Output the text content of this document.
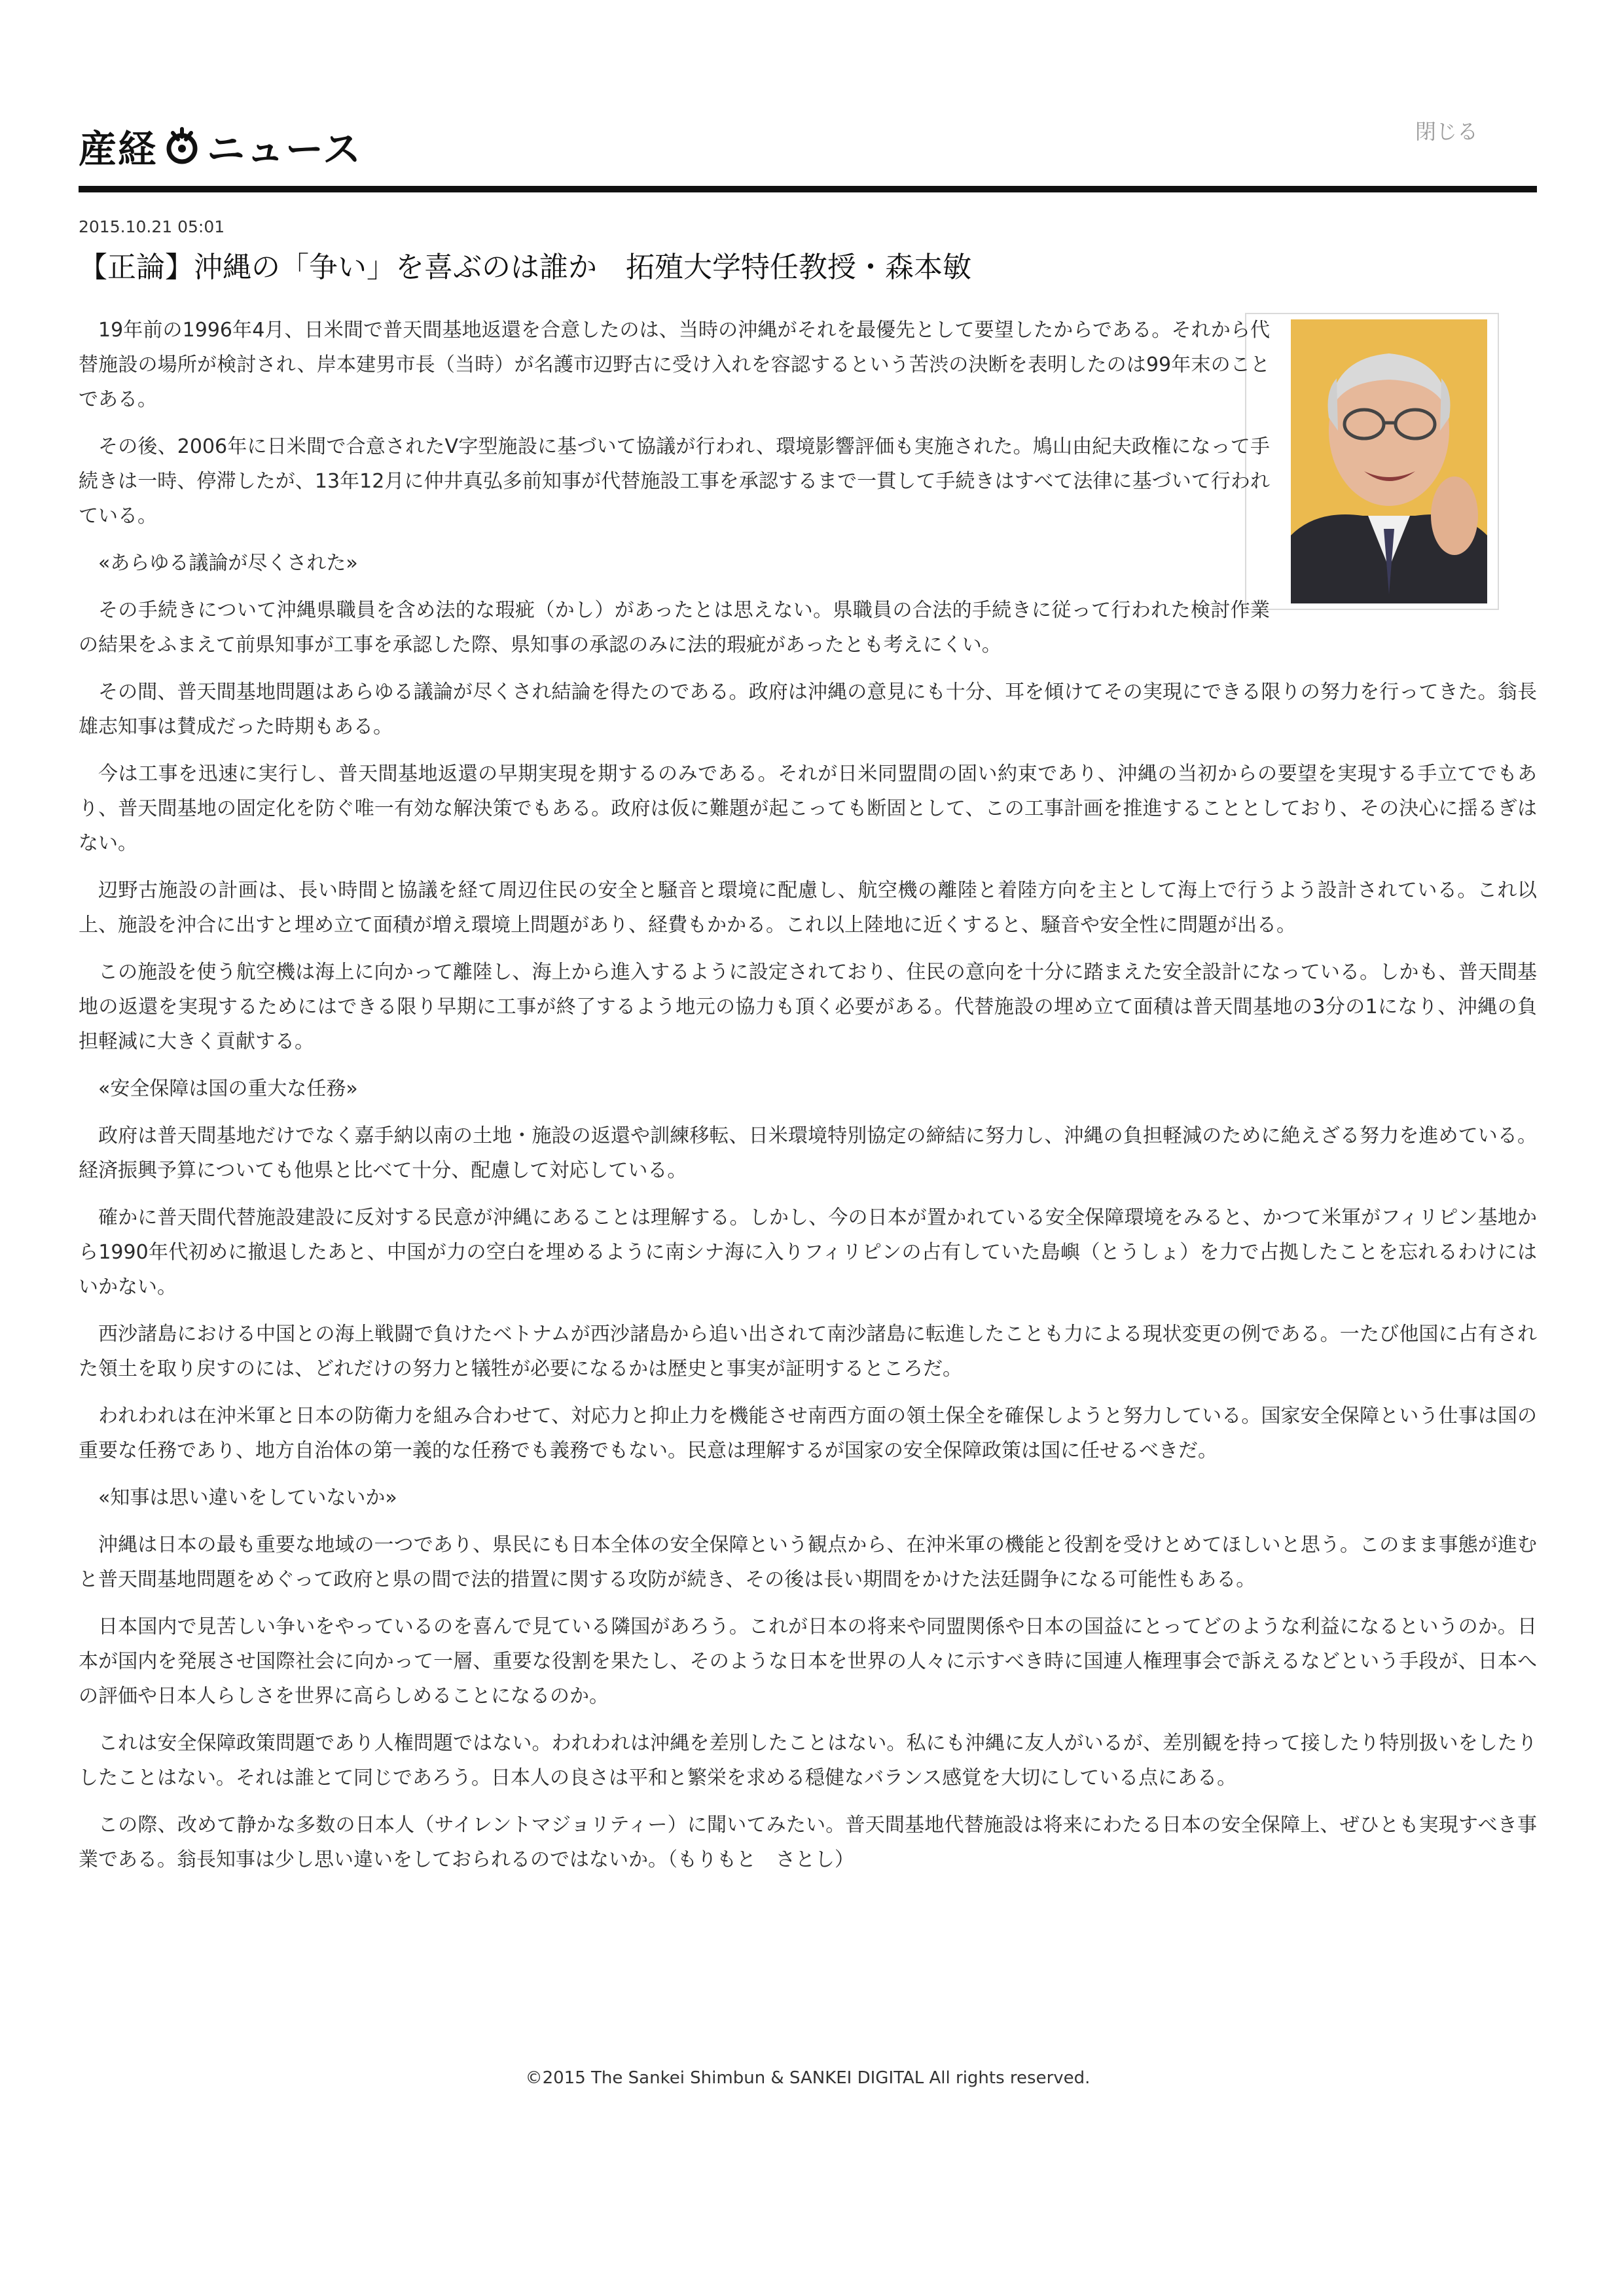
産経 ニュース	閉じる
2015.10.21 05:01
【正論】沖縄の「争い」を喜ぶのは誰か　拓殖大学特任教授・森本敏

19年前の1996年4月、日米間で普天間基地返還を合意したのは、当時の沖縄がそれを最優先として要望したからである。それから代替施設の場所が検討され、岸本建男市長（当時）が名護市辺野古に受け入れを容認するという苦渋の決断を表明したのは99年末のことである。

その後、2006年に日米間で合意されたV字型施設に基づいて協議が行われ、環境影響評価も実施された。鳩山由紀夫政権になって手続きは一時、停滞したが、13年12月に仲井真弘多前知事が代替施設工事を承認するまで一貫して手続きはすべて法律に基づいて行われている。

«あらゆる議論が尽くされた»

その手続きについて沖縄県職員を含め法的な瑕疵（かし）があったとは思えない。県職員の合法的手続きに従って行われた検討作業の結果をふまえて前県知事が工事を承認した際、県知事の承認のみに法的瑕疵があったとも考えにくい。

その間、普天間基地問題はあらゆる議論が尽くされ結論を得たのである。政府は沖縄の意見にも十分、耳を傾けてその実現にできる限りの努力を行ってきた。翁長雄志知事は賛成だった時期もある。

今は工事を迅速に実行し、普天間基地返還の早期実現を期するのみである。それが日米同盟間の固い約束であり、沖縄の当初からの要望を実現する手立てでもあり、普天間基地の固定化を防ぐ唯一有効な解決策でもある。政府は仮に難題が起こっても断固として、この工事計画を推進することとしており、その決心に揺るぎはない。

辺野古施設の計画は、長い時間と協議を経て周辺住民の安全と騒音と環境に配慮し、航空機の離陸と着陸方向を主として海上で行うよう設計されている。これ以上、施設を沖合に出すと埋め立て面積が増え環境上問題があり、経費もかかる。これ以上陸地に近くすると、騒音や安全性に問題が出る。

この施設を使う航空機は海上に向かって離陸し、海上から進入するように設定されており、住民の意向を十分に踏まえた安全設計になっている。しかも、普天間基地の返還を実現するためにはできる限り早期に工事が終了するよう地元の協力も頂く必要がある。代替施設の埋め立て面積は普天間基地の3分の1になり、沖縄の負担軽減に大きく貢献する。

«安全保障は国の重大な任務»

政府は普天間基地だけでなく嘉手納以南の土地・施設の返還や訓練移転、日米環境特別協定の締結に努力し、沖縄の負担軽減のために絶えざる努力を進めている。経済振興予算についても他県と比べて十分、配慮して対応している。

確かに普天間代替施設建設に反対する民意が沖縄にあることは理解する。しかし、今の日本が置かれている安全保障環境をみると、かつて米軍がフィリピン基地から1990年代初めに撤退したあと、中国が力の空白を埋めるように南シナ海に入りフィリピンの占有していた島嶼（とうしょ）を力で占拠したことを忘れるわけにはいかない。

西沙諸島における中国との海上戦闘で負けたベトナムが西沙諸島から追い出されて南沙諸島に転進したことも力による現状変更の例である。一たび他国に占有された領土を取り戻すのには、どれだけの努力と犠牲が必要になるかは歴史と事実が証明するところだ。

われわれは在沖米軍と日本の防衛力を組み合わせて、対応力と抑止力を機能させ南西方面の領土保全を確保しようと努力している。国家安全保障という仕事は国の重要な任務であり、地方自治体の第一義的な任務でも義務でもない。民意は理解するが国家の安全保障政策は国に任せるべきだ。

«知事は思い違いをしていないか»

沖縄は日本の最も重要な地域の一つであり、県民にも日本全体の安全保障という観点から、在沖米軍の機能と役割を受けとめてほしいと思う。このまま事態が進むと普天間基地問題をめぐって政府と県の間で法的措置に関する攻防が続き、その後は長い期間をかけた法廷闘争になる可能性もある。

日本国内で見苦しい争いをやっているのを喜んで見ている隣国があろう。これが日本の将来や同盟関係や日本の国益にとってどのような利益になるというのか。日本が国内を発展させ国際社会に向かって一層、重要な役割を果たし、そのような日本を世界の人々に示すべき時に国連人権理事会で訴えるなどという手段が、日本への評価や日本人らしさを世界に高らしめることになるのか。

これは安全保障政策問題であり人権問題ではない。われわれは沖縄を差別したことはない。私にも沖縄に友人がいるが、差別観を持って接したり特別扱いをしたりしたことはない。それは誰とて同じであろう。日本人の良さは平和と繁栄を求める穏健なバランス感覚を大切にしている点にある。

この際、改めて静かな多数の日本人（サイレントマジョリティー）に聞いてみたい。普天間基地代替施設は将来にわたる日本の安全保障上、ぜひとも実現すべき事業である。翁長知事は少し思い違いをしておられるのではないか。（もりもと　さとし）

©2015 The Sankei Shimbun & SANKEI DIGITAL All rights reserved.
